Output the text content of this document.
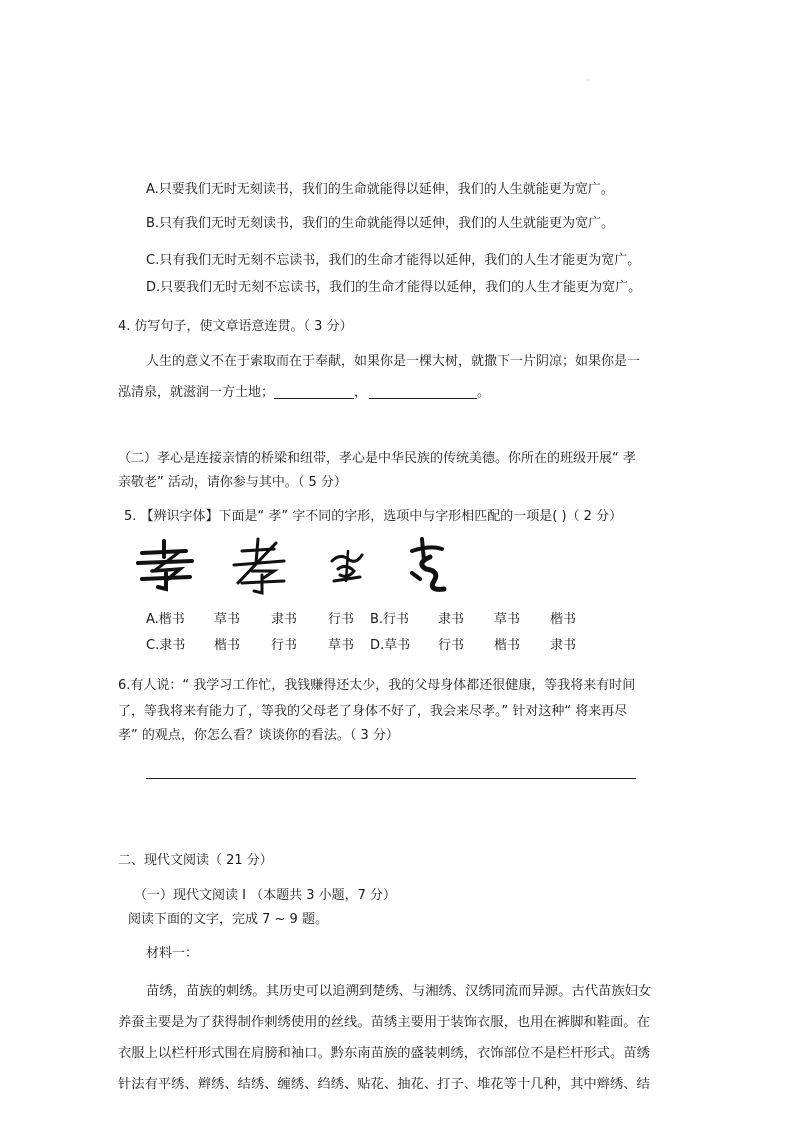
·
A.只要我们无时无刻读书，我们的生命就能得以延伸，我们的人生就能更为宽广。
B.只有我们无时无刻读书，我们的生命就能得以延伸，我们的人生就能更为宽广。
C.只有我们无时无刻不忘读书，我们的生命才能得以延伸，我们的人生才能更为宽广。
D.只要我们无时无刻不忘读书，我们的生命才能得以延伸，我们的人生才能更为宽广。
4. 仿写句子，使文章语意连贯。（ 3 分）
人生的意义不在于索取而在于奉献，如果你是一棵大树，就撒下一片阴凉；如果你是一
泓清泉，就滋润一方土地；	，	。
（二）孝心是连接亲情的桥梁和纽带，孝心是中华民族的传统美德。你所在的班级开展“ 孝
亲敬老” 活动，请你参与其中。（ 5 分）
5. 【辨识字体】下面是“ 孝” 字不同的字形，选项中与字形相匹配的一项是( )（ 2 分）
A.楷书 草书 隶书 行书 B.行书 隶书 草书 楷书
C.隶书 楷书 行书 草书 D.草书 行书 楷书 隶书
6.有人说：“ 我学习工作忙，我钱赚得还太少，我的父母身体都还很健康，等我将来有时间
了，等我将来有能力了，等我的父母老了身体不好了，我会来尽孝。” 针对这种“ 将来再尽
孝” 的观点，你怎么看？谈谈你的看法。（ 3 分）
二、现代文阅读（ 21 分）
（一）现代文阅读 Ⅰ （本题共 3 小题，7 分）
阅读下面的文字，完成 7 ~ 9 题。
材料一：
苗绣，苗族的刺绣。其历史可以追溯到楚绣、与湘绣、汉绣同流而异源。古代苗族妇女
养蚕主要是为了获得制作刺绣使用的丝线。苗绣主要用于装饰衣服，也用在裤脚和鞋面。在
衣服上以栏杆形式围在肩膀和袖口。黔东南苗族的盛装刺绣，衣饰部位不是栏杆形式。苗绣
针法有平绣、辫绣、结绣、缠绣、绉绣、贴花、抽花、打子、堆花等十几种，其中辫绣、结
